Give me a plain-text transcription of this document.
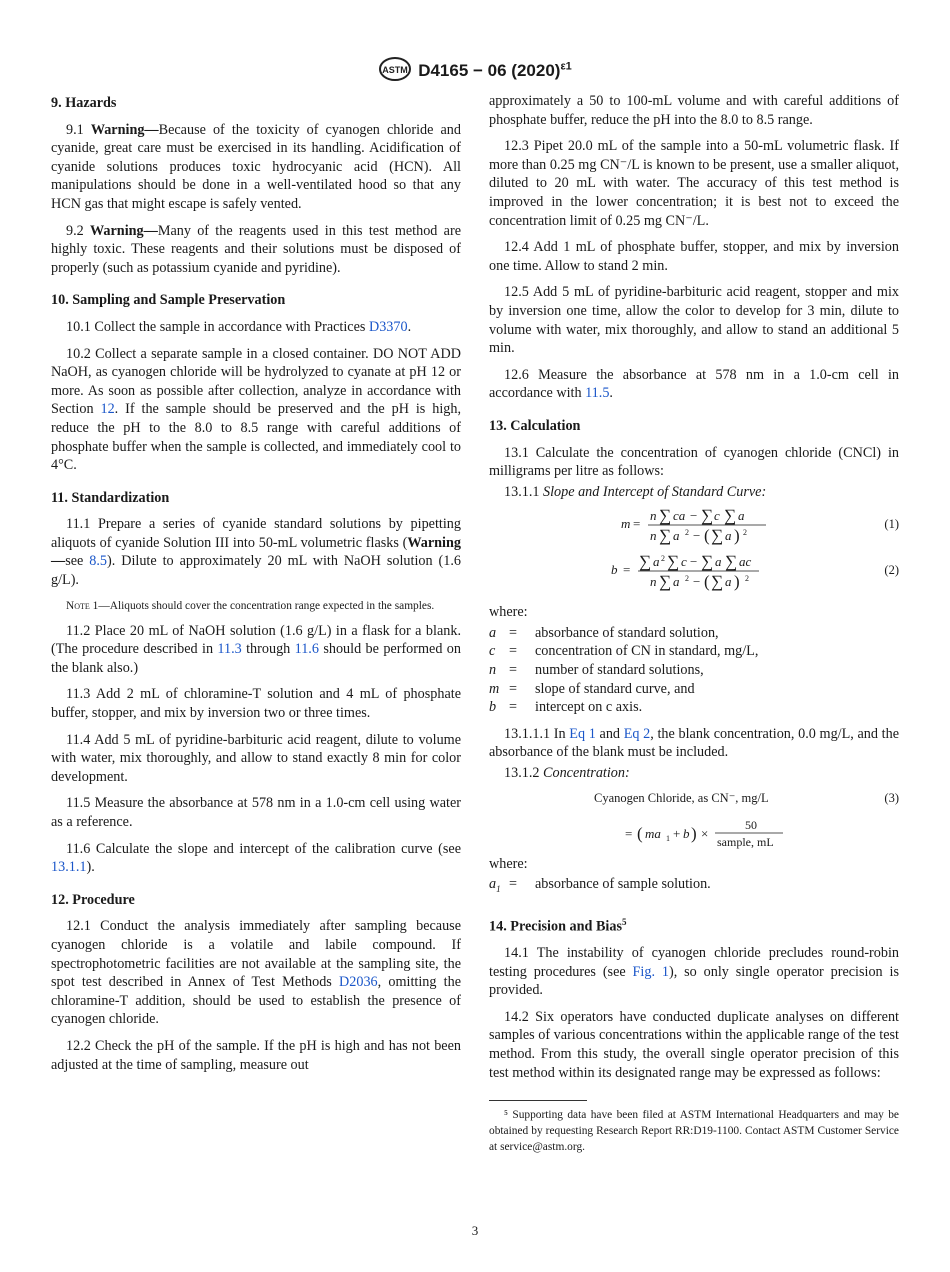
ASTM D4165 − 06 $(2020)^{\varepsilon 1}$
9. Hazards

9.1 Warning—Because of the toxicity of cyanogen chloride and cyanide, great care must be exercised in its handling. Acidification of cyanide solutions produces toxic hydrocyanic acid (HCN). All manipulations should be done in a well-ventilated hood so that any HCN gas that might escape is safely vented.

9.2 Warning—Many of the reagents used in this test method are highly toxic. These reagents and their solutions must be disposed of properly (such as potassium cyanide and pyridine).

10. Sampling and Sample Preservation

10.1 Collect the sample in accordance with Practices D3370.

10.2 Collect a separate sample in a closed container. DO NOT ADD NaOH, as cyanogen chloride will be hydrolyzed to cyanate at pH 12 or more. As soon as possible after collection, analyze in accordance with Section 12. If the sample should be preserved and the pH is high, reduce the pH to the 8.0 to 8.5 range with careful additions of phosphate buffer when the sample is collected, and immediately cool to 4°C.

11. Standardization

11.1 Prepare a series of cyanide standard solutions by pipetting aliquots of cyanide Solution III into 50-mL volumetric flasks (Warning—see 8.5). Dilute to approximately 20 mL with NaOH solution (1.6 g/L).

Note 1—Aliquots should cover the concentration range expected in the samples.

11.2 Place 20 mL of NaOH solution (1.6 g/L) in a flask for a blank. (The procedure described in 11.3 through 11.6 should be performed on the blank also.)

11.3 Add 2 mL of chloramine-T solution and 4 mL of phosphate buffer, stopper, and mix by inversion two or three times.

11.4 Add 5 mL of pyridine-barbituric acid reagent, dilute to volume with water, mix thoroughly, and allow to stand exactly 8 min for color development.

11.5 Measure the absorbance at 578 nm in a 1.0-cm cell using water as a reference.

11.6 Calculate the slope and intercept of the calibration curve (see 13.1.1).

12. Procedure

12.1 Conduct the analysis immediately after sampling because cyanogen chloride is a volatile and labile compound. If spectrophotometric facilities are not available at the sampling site, the spot test described in Annex of Test Methods D2036, omitting the chloramine-T addition, should be used to establish the presence of cyanogen chloride.

12.2 Check the pH of the sample. If the pH is high and has not been adjusted at the time of sampling, measure out

approximately a 50 to 100-mL volume and with careful additions of phosphate buffer, reduce the pH into the 8.0 to 8.5 range.

12.3 Pipet 20.0 mL of the sample into a 50-mL volumetric flask. If more than 0.25 mg CN⁻/L is known to be present, use a smaller aliquot, diluted to 20 mL with water. The accuracy of this test method is improved in the lower concentration; it is best not to exceed the concentration limit of 0.25 mg CN⁻/L.

12.4 Add 1 mL of phosphate buffer, stopper, and mix by inversion one time. Allow to stand 2 min.

12.5 Add 5 mL of pyridine-barbituric acid reagent, stopper and mix by inversion one time, allow the color to develop for 3 min, dilute to volume with water, mix thoroughly, and allow to stand an additional 5 min.

12.6 Measure the absorbance at 578 nm in a 1.0-cm cell in accordance with 11.5.

13. Calculation

13.1 Calculate the concentration of cyanogen chloride (CNCl) in milligrams per litre as follows:

13.1.1 Slope and Intercept of Standard Curve:

m =
n ∑ ca − ∑ c ∑ a
n ∑ a 2 − ( ∑ a ) 2
(1)
b = ∑ a 2 ∑ c − ∑ a ∑ ac
n ∑ a 2 − ( ∑ a ) 2
(2)

where:

a =	absorbance of standard solution,
c =	concentration of CN in standard, mg/L,
n =	number of standard solutions,
m =	slope of standard curve, and
b =	intercept on c axis.

13.1.1.1 In Eq 1 and Eq 2, the blank concentration, 0.0 mg/L, and the absorbance of the blank must be included.

13.1.2 Concentration:

Cyanogen Chloride, as CN⁻, mg/L	(3)
= ( ma 1 + b ) ×
50
sample, mL

where:

$a_1$ =	absorbance of sample solution.
14. Precision and Bias$^5$

14.1 The instability of cyanogen chloride precludes round-robin testing procedures (see Fig. 1), so only single operator precision is provided.

14.2 Six operators have conducted duplicate analyses on different samples of various concentrations within the applicable range of the test method. From this study, the overall single operator precision of this test method within its designated range may be expressed as follows:

⁵ Supporting data have been filed at ASTM International Headquarters and may be obtained by requesting Research Report RR:D19-1100. Contact ASTM Customer Service at service@astm.org.

3
